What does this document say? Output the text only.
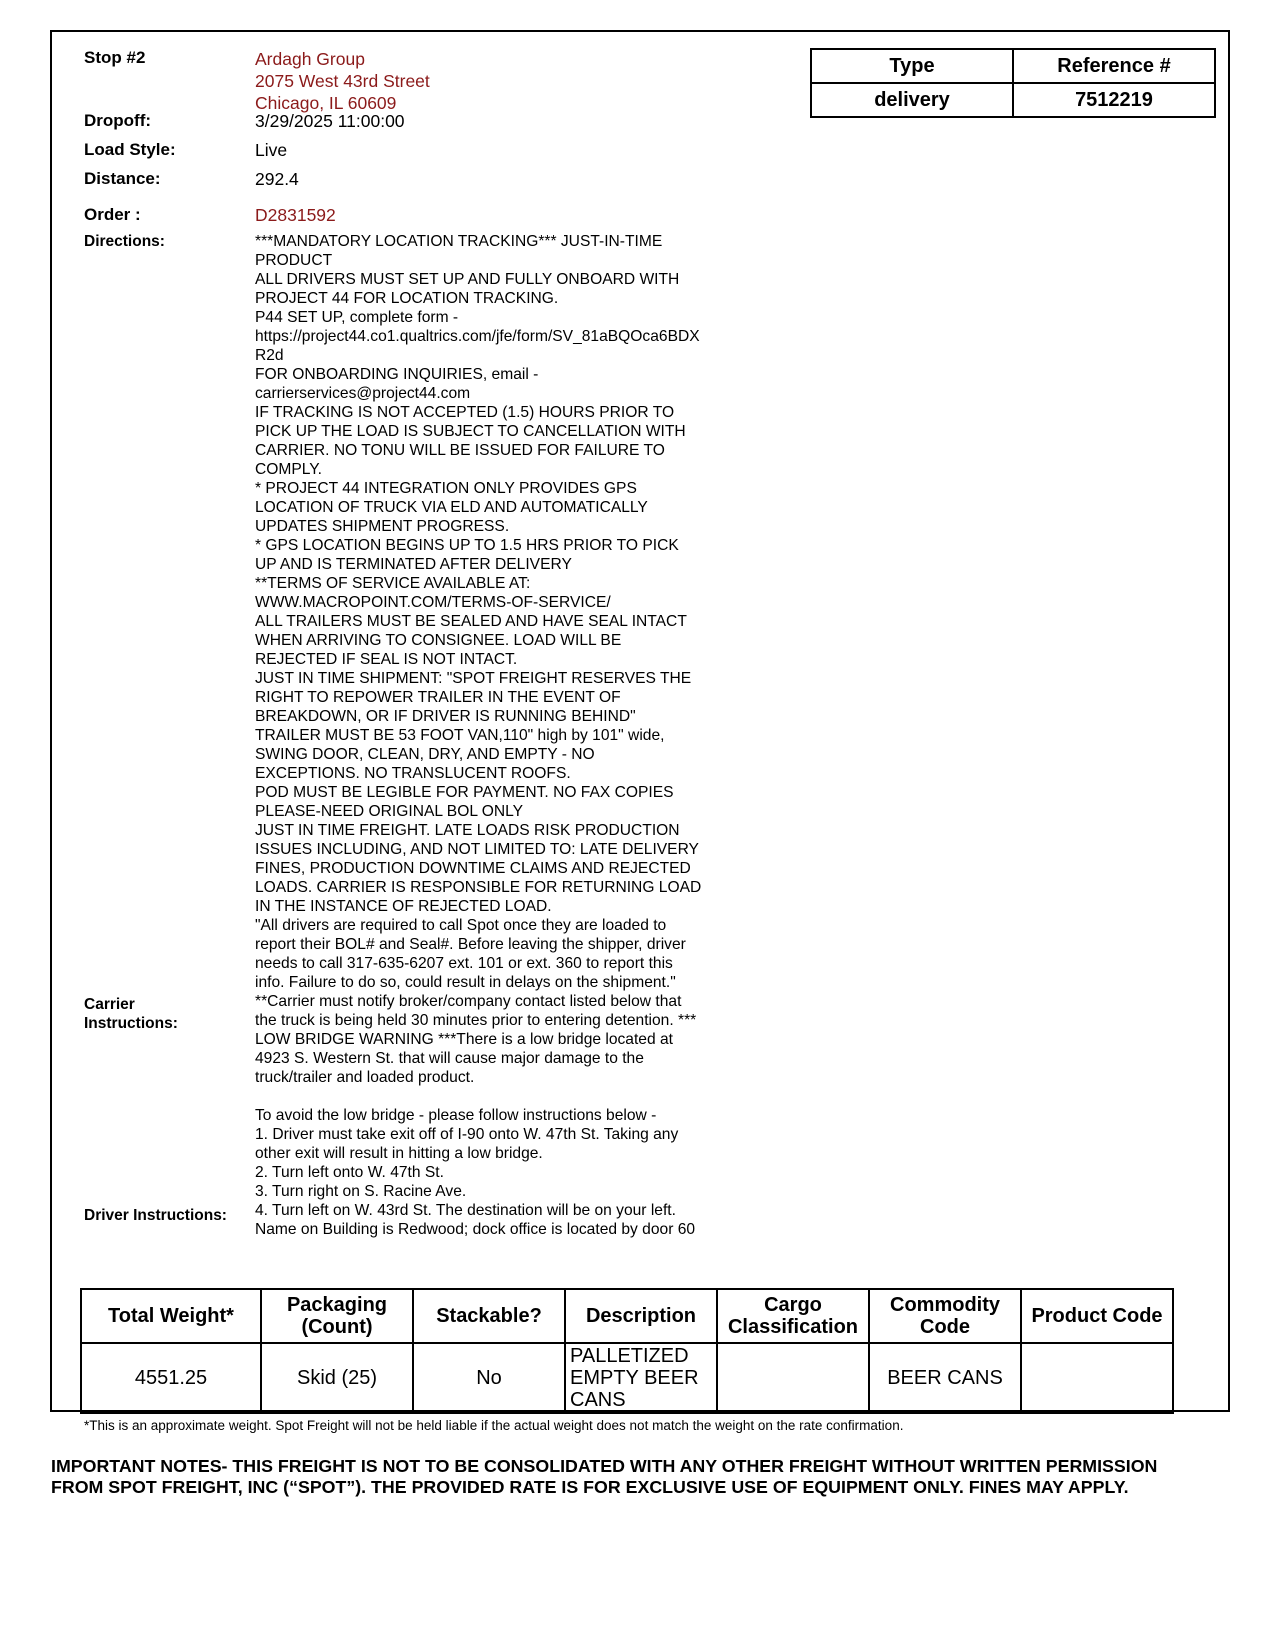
Stop #2	Ardagh Group
2075 West 43rd Street
Chicago, IL 60609
Dropoff:	3/29/2025 11:00:00
Load Style:	Live
Distance:	292.4
Order :	D2831592
Type	Reference #
delivery	7512219
Directions:	***MANDATORY LOCATION TRACKING*** JUST-IN-TIME
PRODUCT
ALL DRIVERS MUST SET UP AND FULLY ONBOARD WITH
PROJECT 44 FOR LOCATION TRACKING.
P44 SET UP, complete form -
https://project44.co1.qualtrics.com/jfe/form/SV_81aBQOca6BDX
R2d
FOR ONBOARDING INQUIRIES, email -
carrierservices@project44.com
IF TRACKING IS NOT ACCEPTED (1.5) HOURS PRIOR TO
PICK UP THE LOAD IS SUBJECT TO CANCELLATION WITH
CARRIER. NO TONU WILL BE ISSUED FOR FAILURE TO
COMPLY.
* PROJECT 44 INTEGRATION ONLY PROVIDES GPS
LOCATION OF TRUCK VIA ELD AND AUTOMATICALLY
UPDATES SHIPMENT PROGRESS.
* GPS LOCATION BEGINS UP TO 1.5 HRS PRIOR TO PICK
UP AND IS TERMINATED AFTER DELIVERY
**TERMS OF SERVICE AVAILABLE AT:
WWW.MACROPOINT.COM/TERMS-OF-SERVICE/
ALL TRAILERS MUST BE SEALED AND HAVE SEAL INTACT
WHEN ARRIVING TO CONSIGNEE. LOAD WILL BE
REJECTED IF SEAL IS NOT INTACT.
JUST IN TIME SHIPMENT: "SPOT FREIGHT RESERVES THE
RIGHT TO REPOWER TRAILER IN THE EVENT OF
BREAKDOWN, OR IF DRIVER IS RUNNING BEHIND"
TRAILER MUST BE 53 FOOT VAN,110" high by 101" wide,
SWING DOOR, CLEAN, DRY, AND EMPTY - NO
EXCEPTIONS. NO TRANSLUCENT ROOFS.
POD MUST BE LEGIBLE FOR PAYMENT. NO FAX COPIES
PLEASE-NEED ORIGINAL BOL ONLY
JUST IN TIME FREIGHT. LATE LOADS RISK PRODUCTION
ISSUES INCLUDING, AND NOT LIMITED TO: LATE DELIVERY
FINES, PRODUCTION DOWNTIME CLAIMS AND REJECTED
LOADS. CARRIER IS RESPONSIBLE FOR RETURNING LOAD
IN THE INSTANCE OF REJECTED LOAD.
Carrier
Instructions:
"All drivers are required to call Spot once they are loaded to
report their BOL# and Seal#. Before leaving the shipper, driver
needs to call 317-635-6207 ext. 101 or ext. 360 to report this
info. Failure to do so, could result in delays on the shipment."
**Carrier must notify broker/company contact listed below that
the truck is being held 30 minutes prior to entering detention. ***
LOW BRIDGE WARNING ***There is a low bridge located at
4923 S. Western St. that will cause major damage to the
truck/trailer and loaded product.
To avoid the low bridge - please follow instructions below -
1. Driver must take exit off of I-90 onto W. 47th St. Taking any
other exit will result in hitting a low bridge.
2. Turn left onto W. 47th St.
3. Turn right on S. Racine Ave.
4. Turn left on W. 43rd St. The destination will be on your left.
Driver Instructions:
Name on Building is Redwood; dock office is located by door 60
Total Weight*	Packaging (Count)	Stackable?	Description	Cargo Classification	Commodity Code	Product Code
4551.25	Skid (25)	No	PALLETIZED EMPTY BEER CANS		BEER CANS	
*This is an approximate weight. Spot Freight will not be held liable if the actual weight does not match the weight on the rate confirmation.
IMPORTANT NOTES- THIS FREIGHT IS NOT TO BE CONSOLIDATED WITH ANY OTHER FREIGHT WITHOUT WRITTEN PERMISSION FROM SPOT FREIGHT, INC (“SPOT”). THE PROVIDED RATE IS FOR EXCLUSIVE USE OF EQUIPMENT ONLY. FINES MAY APPLY.
